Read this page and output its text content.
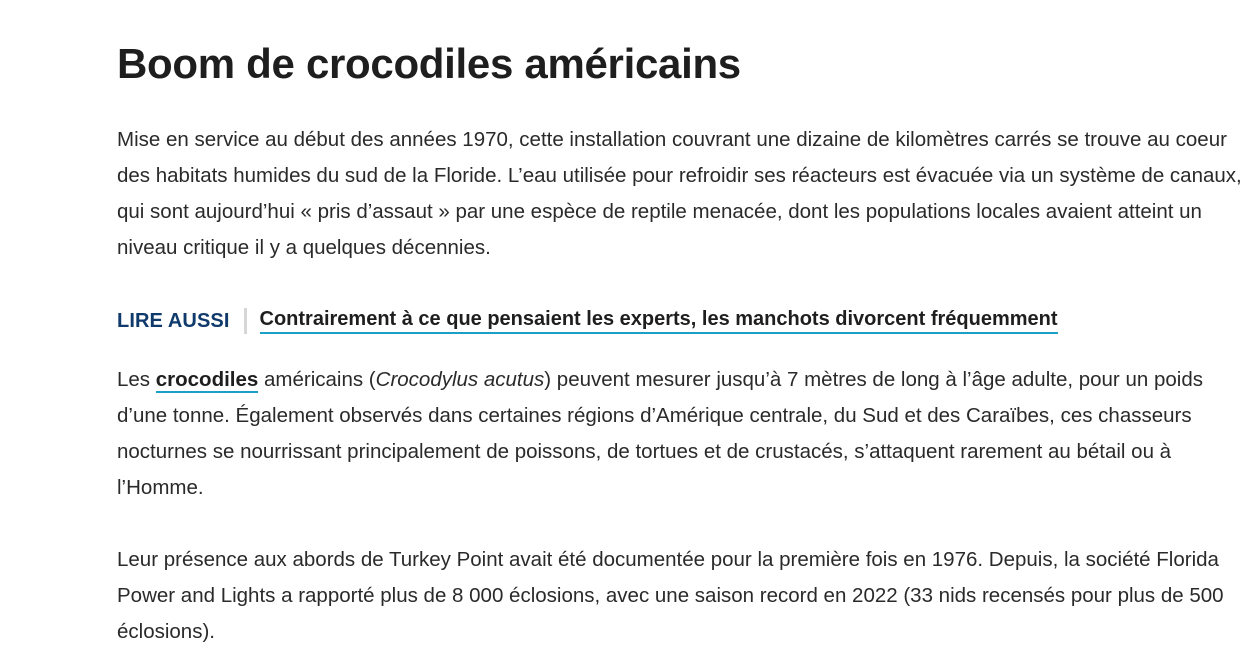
Boom de crocodiles américains

Mise en service au début des années 1970, cette installation couvrant une dizaine de kilomètres carrés se trouve au coeur des habitats humides du sud de la Floride. L’eau utilisée pour refroidir ses réacteurs est évacuée via un système de canaux, qui sont aujourd’hui « pris d’assaut » par une espèce de reptile menacée, dont les populations locales avaient atteint un niveau critique il y a quelques décennies.

LIRE AUSSI Contrairement à ce que pensaient les experts, les manchots divorcent fréquemment

Les crocodiles américains (Crocodylus acutus) peuvent mesurer jusqu’à 7 mètres de long à l’âge adulte, pour un poids d’une tonne. Également observés dans certaines régions d’Amérique centrale, du Sud et des Caraïbes, ces chasseurs nocturnes se nourrissant principalement de poissons, de tortues et de crustacés, s’attaquent rarement au bétail ou à l’Homme.

Leur présence aux abords de Turkey Point avait été documentée pour la première fois en 1976. Depuis, la société Florida Power and Lights a rapporté plus de 8 000 éclosions, avec une saison record en 2022 (33 nids recensés pour plus de 500 éclosions).
